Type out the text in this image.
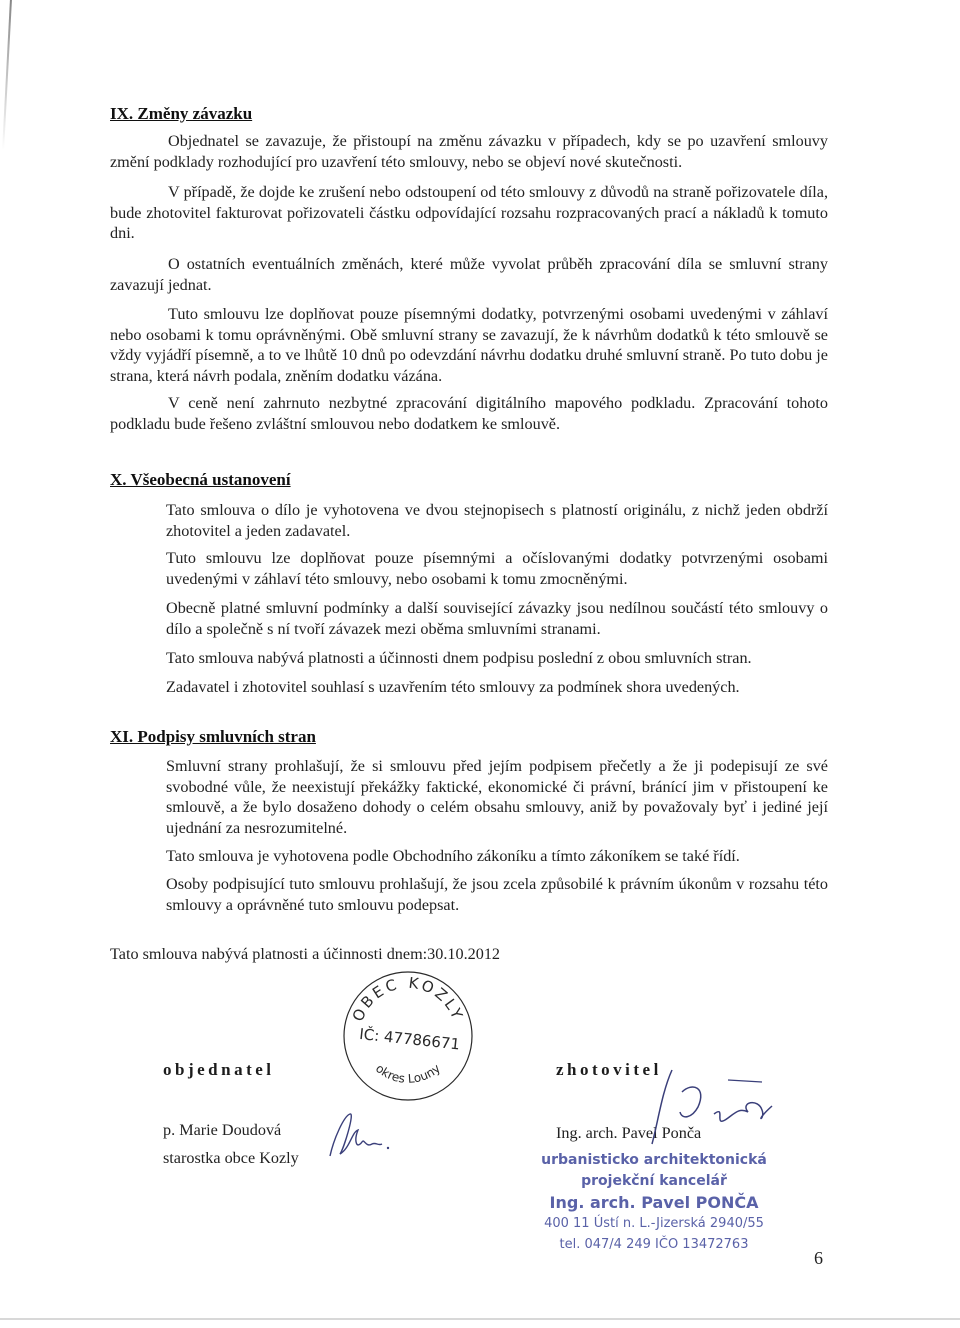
IX. Změny závazku
Objednatel se zavazuje, že přistoupí na změnu závazku v případech, kdy se po uzavření smlouvy změní podklady rozhodující pro uzavření této smlouvy, nebo se objeví nové skutečnosti.
V případě, že dojde ke zrušení nebo odstoupení od této smlouvy z důvodů na straně pořizovatele díla, bude zhotovitel fakturovat pořizovateli částku odpovídající rozsahu rozpracovaných prací a nákladů k tomuto dni.
O ostatních eventuálních změnách, které může vyvolat průběh zpracování díla se smluvní strany zavazují jednat.
Tuto smlouvu lze doplňovat pouze písemnými dodatky, potvrzenými osobami uvedenými v záhlaví nebo osobami k tomu oprávněnými. Obě smluvní strany se zavazují, že k návrhům dodatků k této smlouvě se vždy vyjádří písemně, a to ve lhůtě 10 dnů po odevzdání návrhu dodatku druhé smluvní straně. Po tuto dobu je strana, která návrh podala, zněním dodatku vázána.
V ceně není zahrnuto nezbytné zpracování digitálního mapového podkladu. Zpracování tohoto podkladu bude řešeno zvláštní smlouvou nebo dodatkem ke smlouvě.
X. Všeobecná ustanovení
Tato smlouva o dílo je vyhotovena ve dvou stejnopisech s platností originálu, z nichž jeden obdrží zhotovitel a jeden zadavatel.
Tuto smlouvu lze doplňovat pouze písemnými a očíslovanými dodatky potvrzenými osobami uvedenými v záhlaví této smlouvy, nebo osobami k tomu zmocněnými.
Obecně platné smluvní podmínky a další související závazky jsou nedílnou součástí této smlouvy o dílo a společně s ní tvoří závazek mezi oběma smluvními stranami.
Tato smlouva nabývá platnosti a účinnosti dnem podpisu poslední z obou smluvních stran.
Zadavatel i zhotovitel souhlasí s uzavřením této smlouvy za podmínek shora uvedených.
XI. Podpisy smluvních stran
Smluvní strany prohlašují, že si smlouvu před jejím podpisem přečetly a že ji podepisují ze své svobodné vůle, že neexistují překážky faktické, ekonomické či právní, bránící jim v přistoupení ke smlouvě, a že bylo dosaženo dohody o celém obsahu smlouvy, aniž by považovaly byť i jediné její ujednání za nesrozumitelné.
Tato smlouva je vyhotovena podle Obchodního zákoníku a tímto zákoníkem se také řídí.
Osoby podpisující tuto smlouvu prohlašují, že jsou zcela způsobilé k právním úkonům v rozsahu této smlouvy a oprávněné tuto smlouvu podepsat.
Tato smlouva nabývá platnosti a účinnosti dnem:30.10.2012
OBEC KOZLY
IČ: 47786671
okres Louny
objednatel
p. Marie Doudová
starostka obce Kozly
zhotovitel
Ing. arch. Pavel Ponča
urbanisticko architektonická
projekční kancelář
Ing. arch. Pavel PONČA
400 11 Ústí n. L.-Jizerská 2940/55
tel. 047/4 249 IČO 13472763
6
